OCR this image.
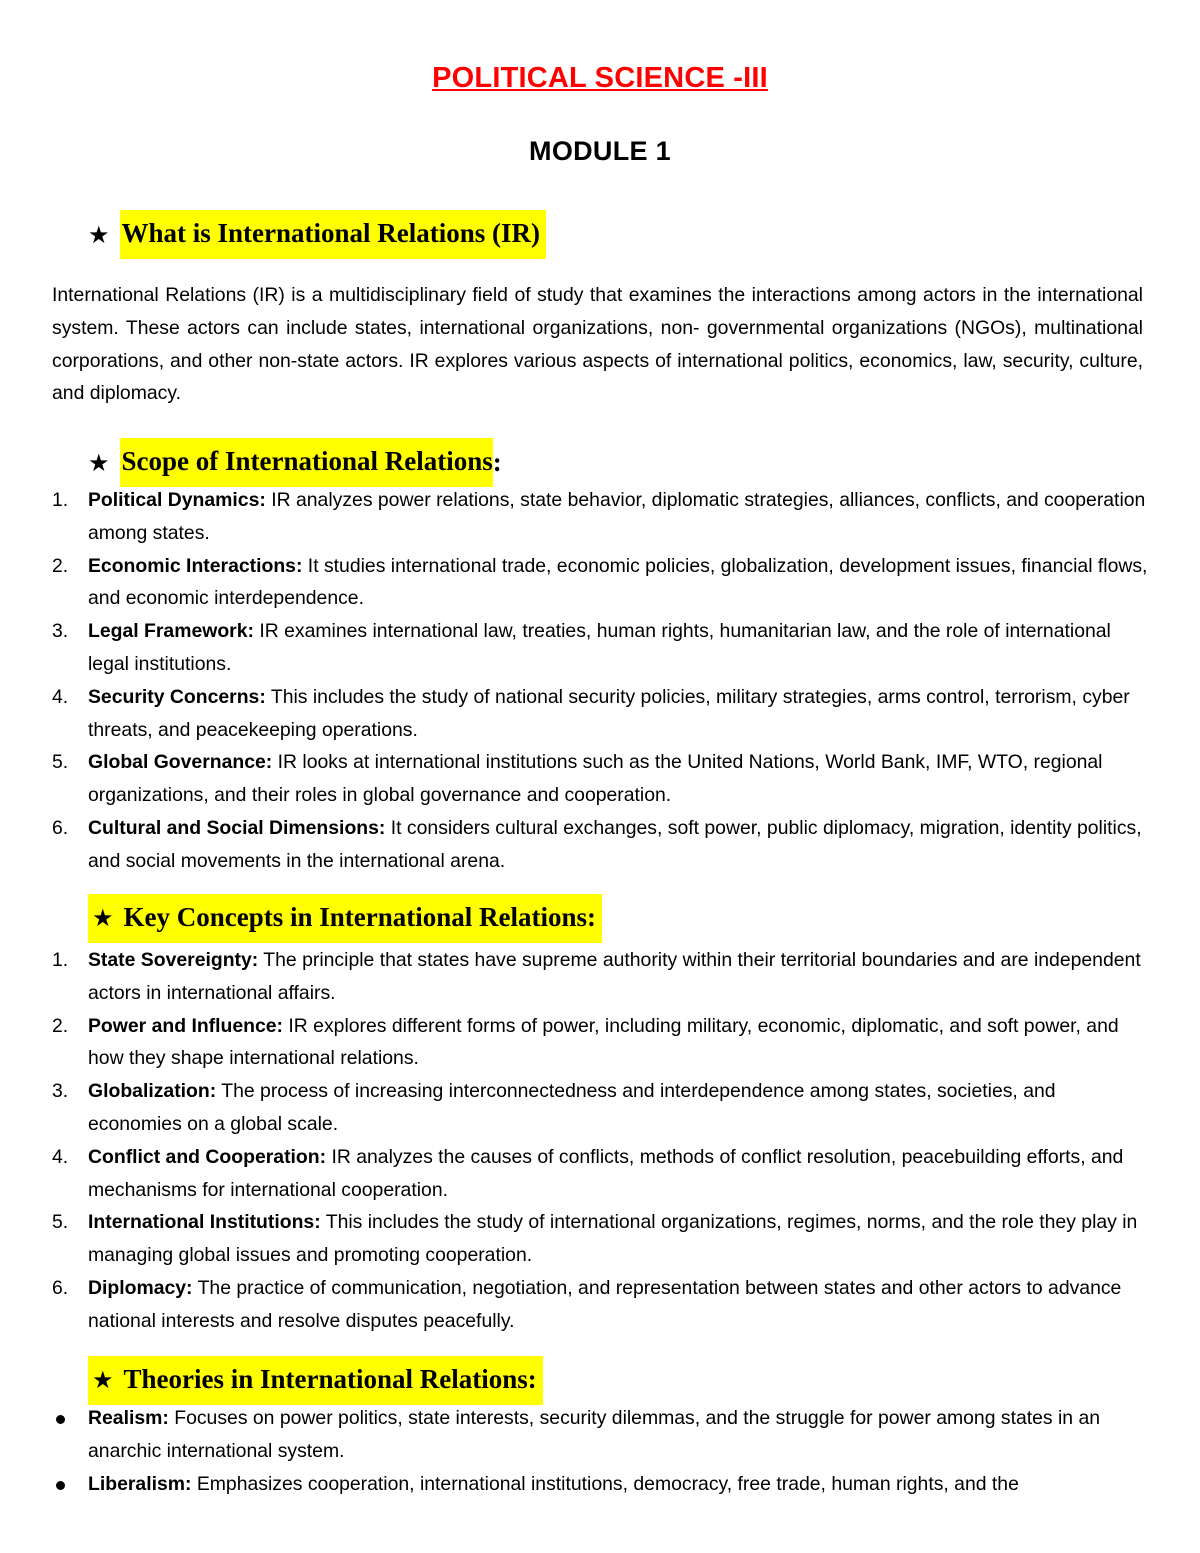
POLITICAL SCIENCE -III
MODULE 1
★ What is International Relations (IR)

International Relations (IR) is a multidisciplinary field of study that examines the interactions among actors in the international system. These actors can include states, international organizations, non- governmental organizations (NGOs), multinational corporations, and other non-state actors. IR explores various aspects of international politics, economics, law, security, culture, and diplomacy.

★ Scope of International Relations :
1. Political Dynamics: IR analyzes power relations, state behavior, diplomatic strategies, alliances, conflicts, and cooperation among states.
2. Economic Interactions: It studies international trade, economic policies, globalization, development issues, financial flows, and economic interdependence.
3. Legal Framework: IR examines international law, treaties, human rights, humanitarian law, and the role of international legal institutions.
4. Security Concerns: This includes the study of national security policies, military strategies, arms control, terrorism, cyber threats, and peacekeeping operations.
5. Global Governance: IR looks at international institutions such as the United Nations, World Bank, IMF, WTO, regional organizations, and their roles in global governance and cooperation.
6. Cultural and Social Dimensions: It considers cultural exchanges, soft power, public diplomacy, migration, identity politics, and social movements in the international arena.
★ Key Concepts in International Relations:
1. State Sovereignty: The principle that states have supreme authority within their territorial boundaries and are independent actors in international affairs.
2. Power and Influence: IR explores different forms of power, including military, economic, diplomatic, and soft power, and how they shape international relations.
3. Globalization: The process of increasing interconnectedness and interdependence among states, societies, and economies on a global scale.
4. Conflict and Cooperation: IR analyzes the causes of conflicts, methods of conflict resolution, peacebuilding efforts, and mechanisms for international cooperation.
5. International Institutions: This includes the study of international organizations, regimes, norms, and the role they play in managing global issues and promoting cooperation.
6. Diplomacy: The practice of communication, negotiation, and representation between states and other actors to advance national interests and resolve disputes peacefully.
★ Theories in International Relations:
Realism: Focuses on power politics, state interests, security dilemmas, and the struggle for power among states in an anarchic international system.
Liberalism: Emphasizes cooperation, international institutions, democracy, free trade, human rights, and the
